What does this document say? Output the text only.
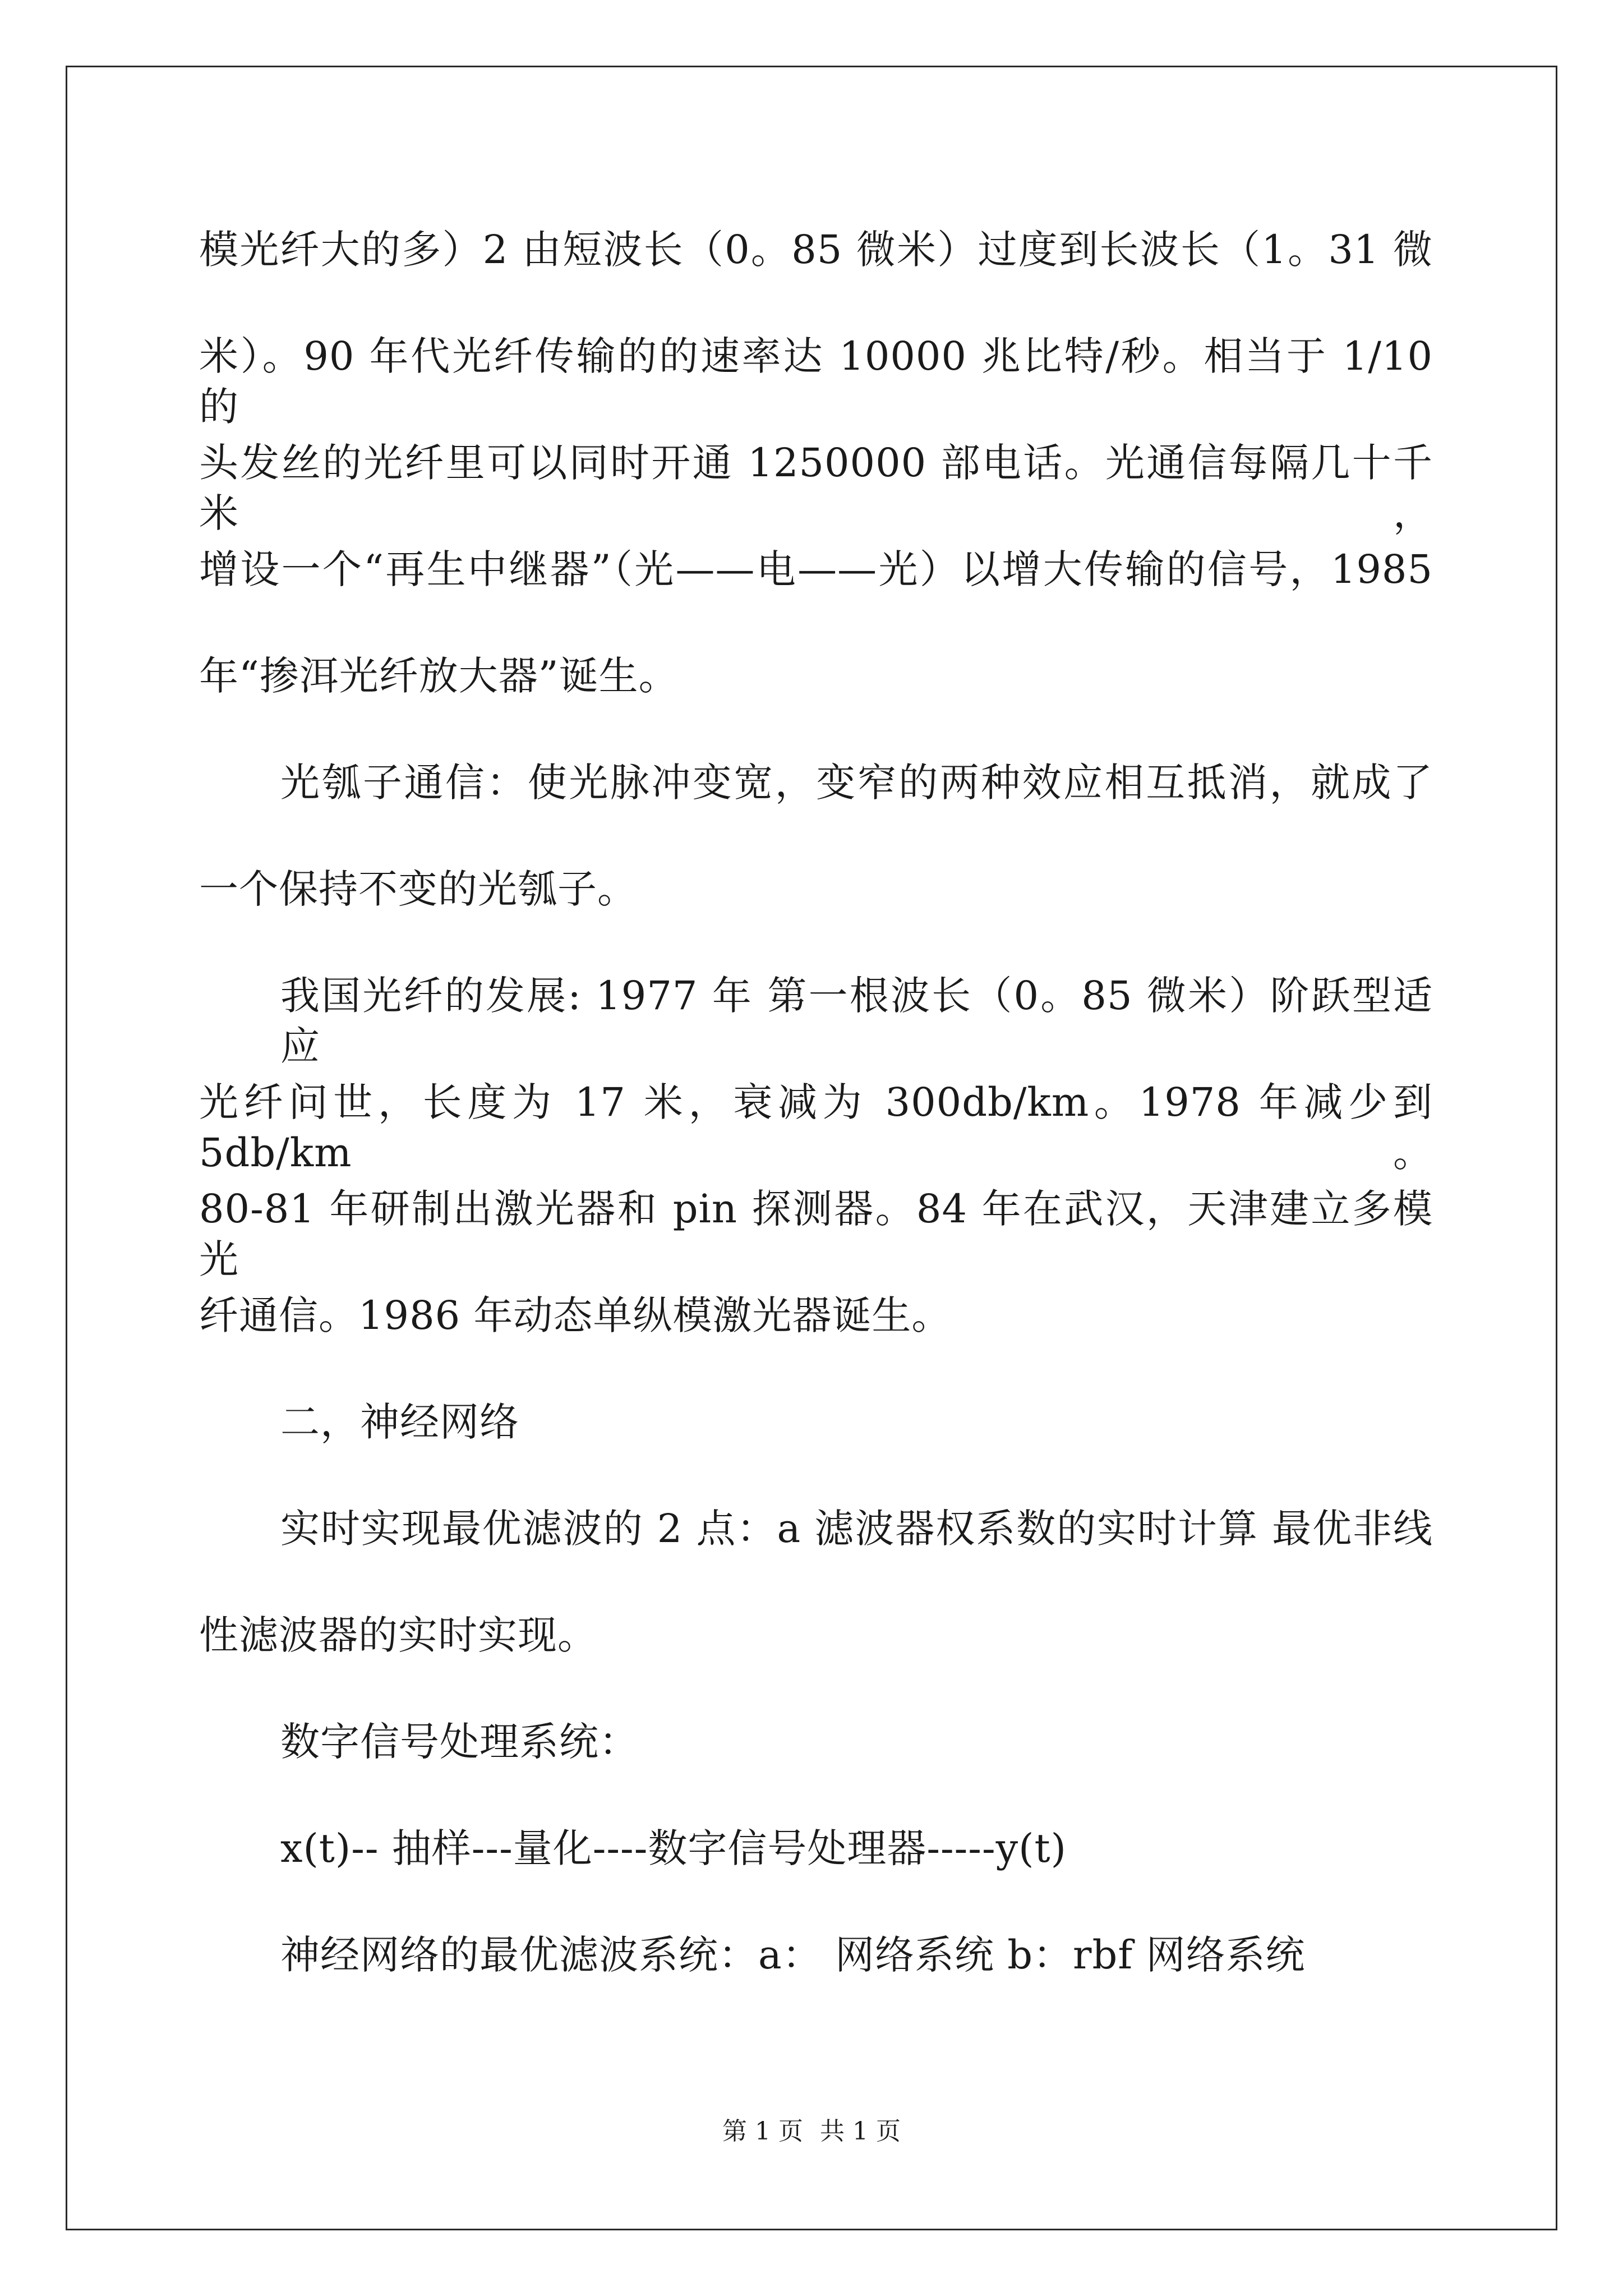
模光纤大的多）2 由短波长（0。85 微米）过度到长波长（1。31 微
米）。90 年代光纤传输的的速率达 10000 兆比特/秒。相当于 1/10 的
头发丝的光纤里可以同时开通 1250000 部电话。光通信每隔几十千米，
增设一个“再生中继器”（光——电——光）以增大传输的信号，1985
年“掺洱光纤放大器”诞生。
光瓠子通信：使光脉冲变宽，变窄的两种效应相互抵消，就成了
一个保持不变的光瓠子。
我国光纤的发展: 1977 年 第一根波长（0。85 微米）阶跃型适应
光纤问世，长度为 17 米，衰减为 300db/km。1978 年减少到 5db/km。
80-81 年研制出激光器和 pin 探测器。84 年在武汉，天津建立多模光
纤通信。1986 年动态单纵模激光器诞生。
二，神经网络
实时实现最优滤波的 2 点：a 滤波器权系数的实时计算 最优非线
性滤波器的实时实现。
数字信号处理系统：
x(t)-- 抽样---量化----数字信号处理器-----y(t)
神经网络的最优滤波系统：a： 网络系统 b：rbf 网络系统
第 1 页 共 1 页
